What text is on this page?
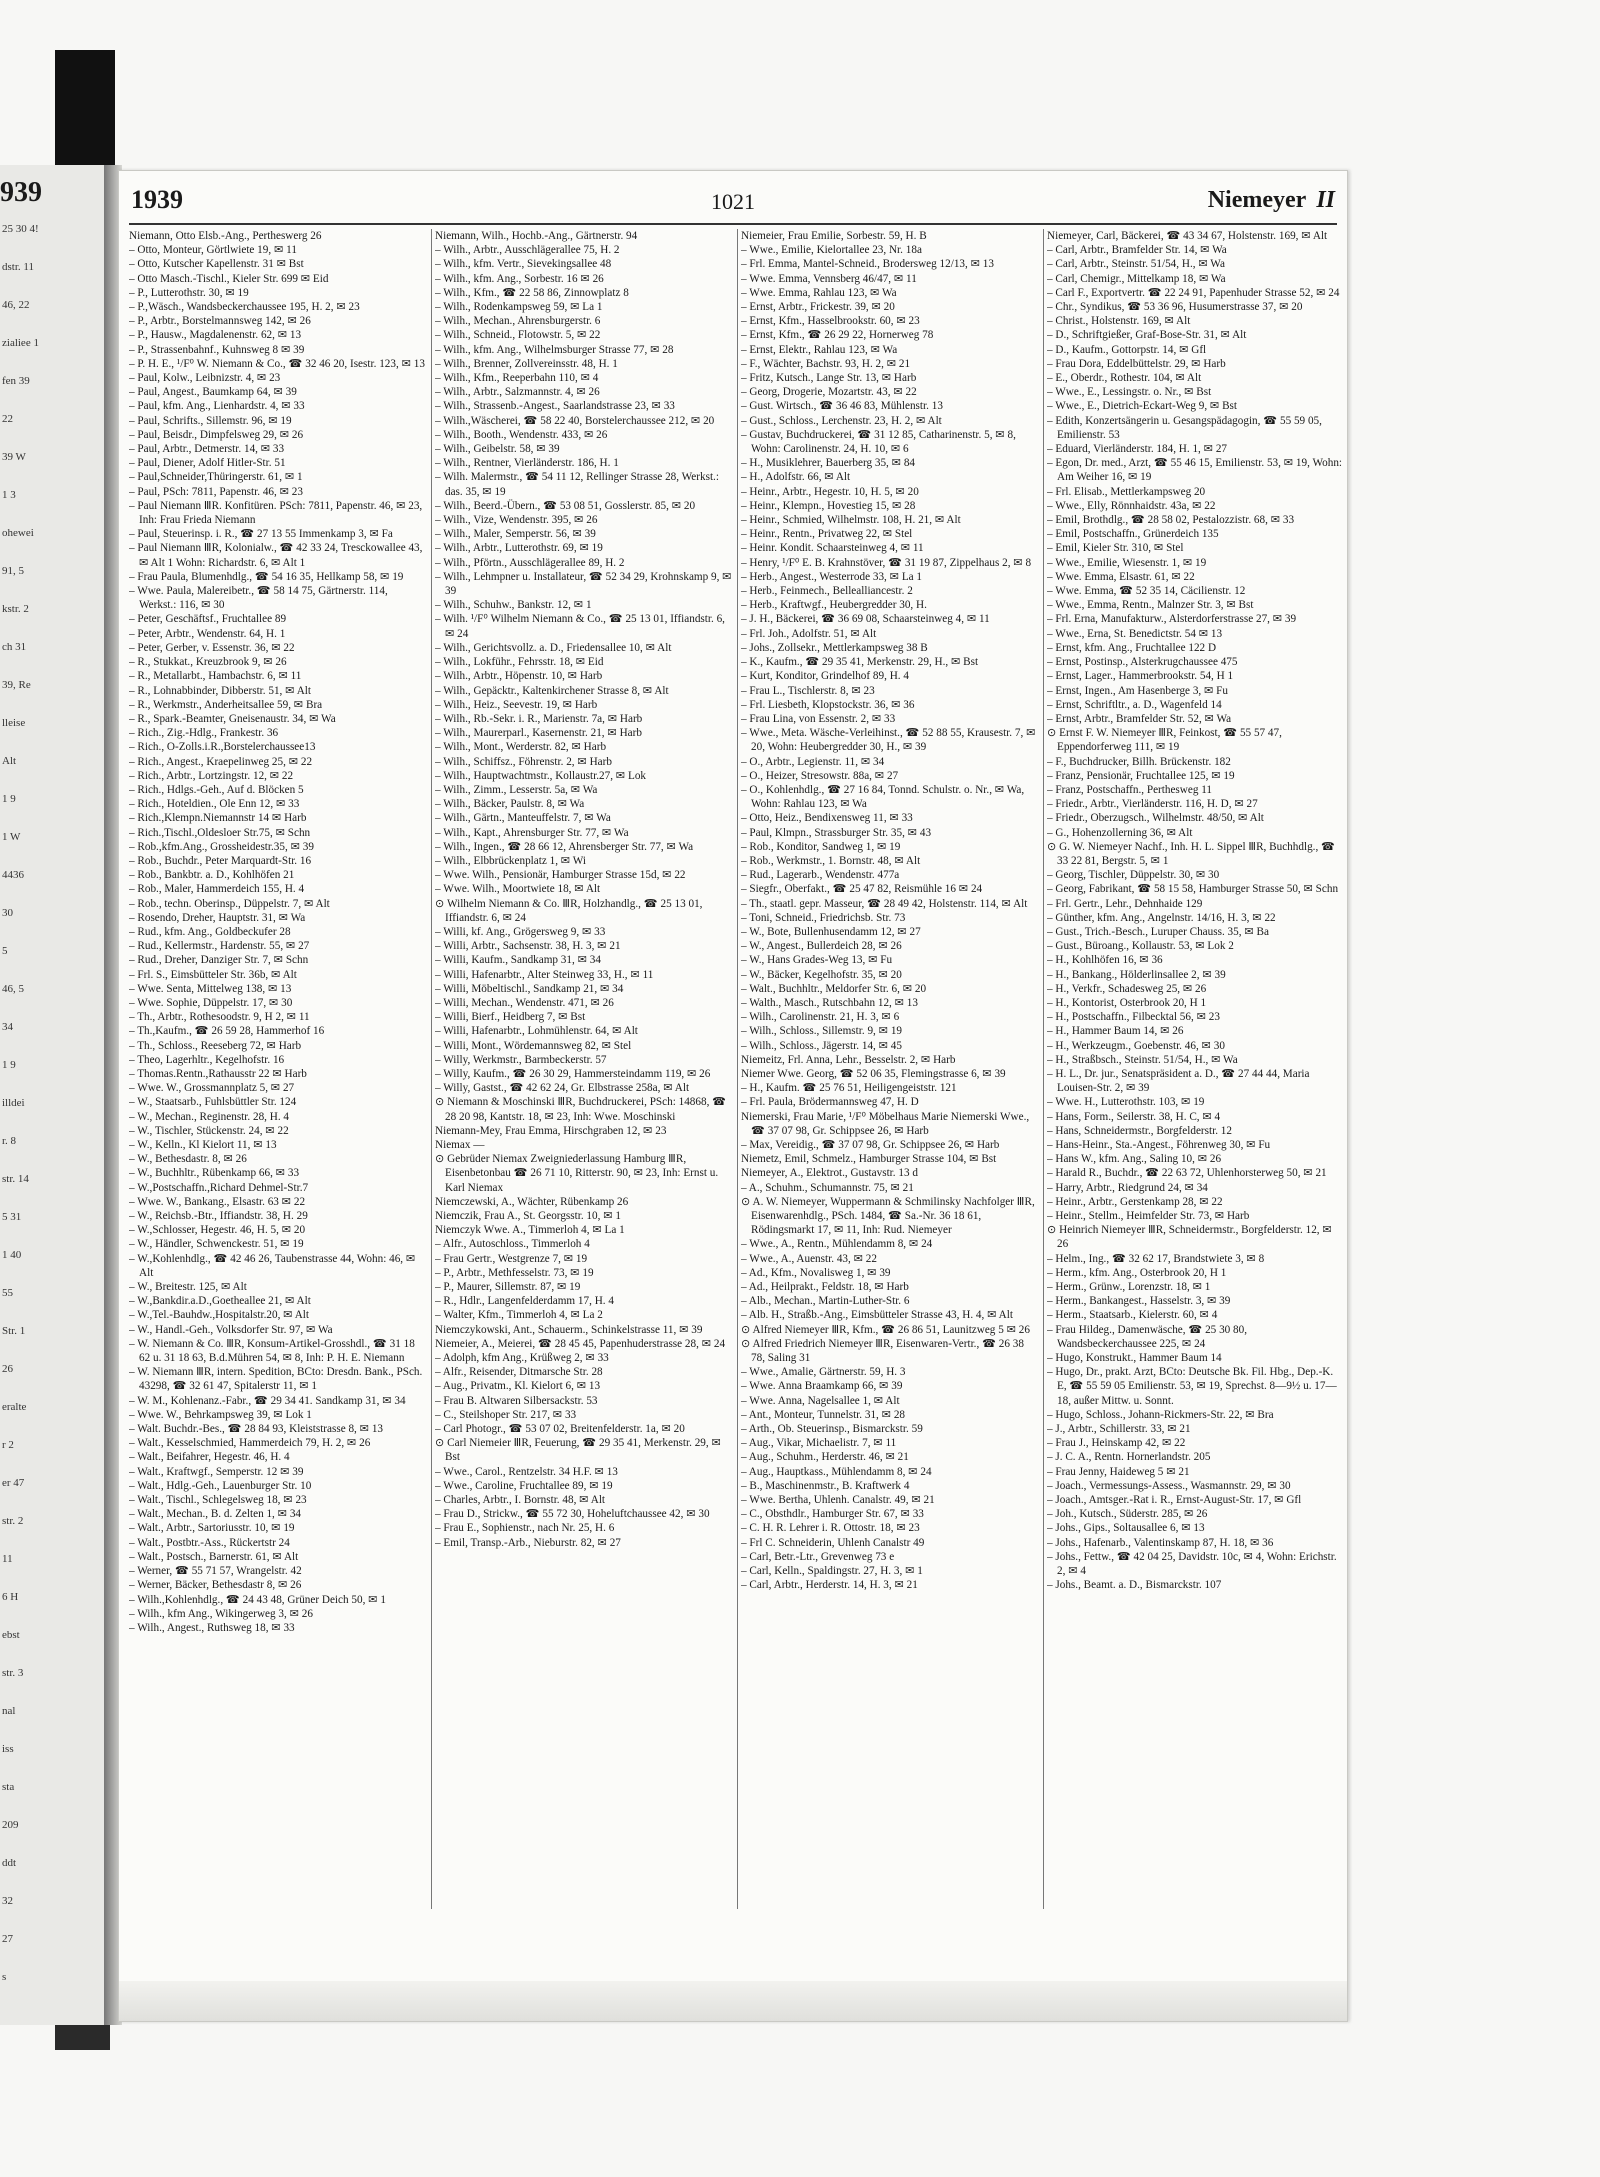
939
25 30 4!
dstr. 11
46, 22
zialiee 1
fen 39
22
39 W
1 3
ohewei
91, 5
kstr. 2
ch 31
39, Re
lleise
Alt
1 9
1 W
4436
30
5
46, 5
34
1 9
illdei
r. 8
str. 14
5 31
1 40
55
Str. 1
26
eralte
r 2
er 47
str. 2
11
6 H
ebst
str. 3
nal
iss
sta
209
ddt
32
27
s
1939	1021	Niemeyer II

Niemann, Otto Elsb.-Ang., Pertheswerg 26

– Otto, Monteur, Görtlwiete 19, ✉ 11

– Otto, Kutscher Kapellenstr. 31 ✉ Bst

– Otto Masch.-Tischl., Kieler Str. 699 ✉ Eid

– P., Lutterothstr. 30, ✉ 19

– P.,Wäsch., Wandsbeckerchaussee 195, H. 2, ✉ 23

– P., Arbtr., Borstelmannsweg 142, ✉ 26

– P., Hausw., Magdalenenstr. 62, ✉ 13

– P., Strassenbahnf., Kuhnsweg 8 ✉ 39

– P. H. E., ¹/F⁰ W. Niemann & Co., ☎ 32 46 20, Isestr. 123, ✉ 13

– Paul, Kolw., Leibnizstr. 4, ✉ 23

– Paul, Angest., Baumkamp 64, ✉ 39

– Paul, kfm. Ang., Lienhardstr. 4, ✉ 33

– Paul, Schrifts., Sillemstr. 96, ✉ 19

– Paul, Beisdr., Dimpfelsweg 29, ✉ 26

– Paul, Arbtr., Detmerstr. 14, ✉ 33

– Paul, Diener, Adolf Hitler-Str. 51

– Paul,Schneider,Thüringerstr. 61, ✉ 1

– Paul, PSch: 7811, Papenstr. 46, ✉ 23

– Paul Niemann ⅢR. Konfitüren. PSch: 7811, Papenstr. 46, ✉ 23, Inh: Frau Frieda Niemann

– Paul, Steuerinsp. i. R., ☎ 27 13 55 Immenkamp 3, ✉ Fa

– Paul Niemann ⅢR, Kolonialw., ☎ 42 33 24, Tresckowallee 43, ✉ Alt 1 Wohn: Richardstr. 6, ✉ Alt 1

– Frau Paula, Blumenhdlg., ☎ 54 16 35, Hellkamp 58, ✉ 19

– Wwe. Paula, Malereibetr., ☎ 58 14 75, Gärtnerstr. 114, Werkst.: 116, ✉ 30

– Peter, Geschäftsf., Fruchtallee 89

– Peter, Arbtr., Wendenstr. 64, H. 1

– Peter, Gerber, v. Essenstr. 36, ✉ 22

– R., Stukkat., Kreuzbrook 9, ✉ 26

– R., Metallarbt., Hambachstr. 6, ✉ 11

– R., Lohnabbinder, Dibberstr. 51, ✉ Alt

– R., Werkmstr., Anderheitsallee 59, ✉ Bra

– R., Spark.-Beamter, Gneisenaustr. 34, ✉ Wa

– Rich., Zig.-Hdlg., Frankestr. 36

– Rich., O-Zolls.i.R.,Borstelerchaussee13

– Rich., Angest., Kraepelinweg 25, ✉ 22

– Rich., Arbtr., Lortzingstr. 12, ✉ 22

– Rich., Hdlgs.-Geh., Auf d. Blöcken 5

– Rich., Hoteldien., Ole Enn 12, ✉ 33

– Rich.,Klempn.Niemannstr 14 ✉ Harb

– Rich.,Tischl.,Oldesloer Str.75, ✉ Schn

– Rob.,kfm.Ang., Grossheidestr.35, ✉ 39

– Rob., Buchdr., Peter Marquardt-Str. 16

– Rob., Bankbtr. a. D., Kohlhöfen 21

– Rob., Maler, Hammerdeich 155, H. 4

– Rob., techn. Oberinsp., Düppelstr. 7, ✉ Alt

– Rosendo, Dreher, Hauptstr. 31, ✉ Wa

– Rud., kfm. Ang., Goldbeckufer 28

– Rud., Kellermstr., Hardenstr. 55, ✉ 27

– Rud., Dreher, Danziger Str. 7, ✉ Schn

– Frl. S., Eimsbütteler Str. 36b, ✉ Alt

– Wwe. Senta, Mittelweg 138, ✉ 13

– Wwe. Sophie, Düppelstr. 17, ✉ 30

– Th., Arbtr., Rothesoodstr. 9, H 2, ✉ 11

– Th.,Kaufm., ☎ 26 59 28, Hammerhof 16

– Th., Schloss., Reeseberg 72, ✉ Harb

– Theo, Lagerhltr., Kegelhofstr. 16

– Thomas.Rentn.,Rathausstr 22 ✉ Harb

– Wwe. W., Grossmannplatz 5, ✉ 27

– W., Staatsarb., Fuhlsbüttler Str. 124

– W., Mechan., Reginenstr. 28, H. 4

– W., Tischler, Stückenstr. 24, ✉ 22

– W., Kelln., Kl Kielort 11, ✉ 13

– W., Bethesdastr. 8, ✉ 26

– W., Buchhltr., Rübenkamp 66, ✉ 33

– W.,Postschaffn.,Richard Dehmel-Str.7

– Wwe. W., Bankang., Elsastr. 63 ✉ 22

– W., Reichsb.-Btr., Iffiandstr. 38, H. 29

– W.,Schlosser, Hegestr. 46, H. 5, ✉ 20

– W., Händler, Schwenckestr. 51, ✉ 19

– W.,Kohlenhdlg., ☎ 42 46 26, Taubenstrasse 44, Wohn: 46, ✉ Alt

– W., Breitestr. 125, ✉ Alt

– W.,Bankdir.a.D.,Goetheallee 21, ✉ Alt

– W.,Tel.-Bauhdw.,Hospitalstr.20, ✉ Alt

– W., Handl.-Geh., Volksdorfer Str. 97, ✉ Wa

– W. Niemann & Co. ⅢR, Konsum-Artikel-Grosshdl., ☎ 31 18 62 u. 31 18 63, B.d.Mühren 54, ✉ 8, Inh: P. H. E. Niemann

– W. Niemann ⅢR, intern. Spedition, BCto: Dresdn. Bank., PSch. 43298, ☎ 32 61 47, Spitalerstr 11, ✉ 1

– W. M., Kohlenanz.-Fabr., ☎ 29 34 41. Sandkamp 31, ✉ 34

– Wwe. W., Behrkampsweg 39, ✉ Lok 1

– Walt. Buchdr.-Bes., ☎ 28 84 93, Kleiststrasse 8, ✉ 13

– Walt., Kesselschmied, Hammerdeich 79, H. 2, ✉ 26

– Walt., Beifahrer, Hegestr. 46, H. 4

– Walt., Kraftwgf., Semperstr. 12 ✉ 39

– Walt., Hdlg.-Geh., Lauenburger Str. 10

– Walt., Tischl., Schlegelsweg 18, ✉ 23

– Walt., Mechan., B. d. Zelten 1, ✉ 34

– Walt., Arbtr., Sartoriusstr. 10, ✉ 19

– Walt., Postbtr.-Ass., Rückertstr 24

– Walt., Postsch., Barnerstr. 61, ✉ Alt

– Werner, ☎ 55 71 57, Wrangelstr. 42

– Werner, Bäcker, Bethesdastr 8, ✉ 26

– Wilh.,Kohlenhdlg., ☎ 24 43 48, Grüner Deich 50, ✉ 1

– Wilh., kfm Ang., Wikingerweg 3, ✉ 26

– Wilh., Angest., Ruthsweg 18, ✉ 33

Niemann, Wilh., Hochb.-Ang., Gärtnerstr. 94

– Wilh., Arbtr., Ausschlägerallee 75, H. 2

– Wilh., kfm. Vertr., Sievekingsallee 48

– Wilh., kfm. Ang., Sorbestr. 16 ✉ 26

– Wilh., Kfm., ☎ 22 58 86, Zinnowplatz 8

– Wilh., Rodenkampsweg 59, ✉ La 1

– Wilh., Mechan., Ahrensburgerstr. 6

– Wilh., Schneid., Flotowstr. 5, ✉ 22

– Wilh., kfm. Ang., Wilhelmsburger Strasse 77, ✉ 28

– Wilh., Brenner, Zollvereinsstr. 48, H. 1

– Wilh., Kfm., Reeperbahn 110, ✉ 4

– Wilh., Arbtr., Salzmannstr. 4, ✉ 26

– Wilh., Strassenb.-Angest., Saarlandstrasse 23, ✉ 33

– Wilh.,Wäscherei, ☎ 58 22 40, Borstelerchaussee 212, ✉ 20

– Wilh., Booth., Wendenstr. 433, ✉ 26

– Wilh., Geibelstr. 58, ✉ 39

– Wilh., Rentner, Vierländerstr. 186, H. 1

– Wilh. Malermstr., ☎ 54 11 12, Rellinger Strasse 28, Werkst.: das. 35, ✉ 19

– Wilh., Beerd.-Übern., ☎ 53 08 51, Gosslerstr. 85, ✉ 20

– Wilh., Vize, Wendenstr. 395, ✉ 26

– Wilh., Maler, Semperstr. 56, ✉ 39

– Wilh., Arbtr., Lutterothstr. 69, ✉ 19

– Wilh., Pförtn., Ausschlägerallee 89, H. 2

– Wilh., Lehmpner u. Installateur, ☎ 52 34 29, Krohnskamp 9, ✉ 39

– Wilh., Schuhw., Bankstr. 12, ✉ 1

– Wilh. ¹/F⁰ Wilhelm Niemann & Co., ☎ 25 13 01, Iffiandstr. 6, ✉ 24

– Wilh., Gerichtsvollz. a. D., Friedensallee 10, ✉ Alt

– Wilh., Lokführ., Fehrsstr. 18, ✉ Eid

– Wilh., Arbtr., Höpenstr. 10, ✉ Harb

– Wilh., Gepäcktr., Kaltenkirchener Strasse 8, ✉ Alt

– Wilh., Heiz., Seevestr. 19, ✉ Harb

– Wilh., Rb.-Sekr. i. R., Marienstr. 7a, ✉ Harb

– Wilh., Maurerparl., Kasernenstr. 21, ✉ Harb

– Wilh., Mont., Werderstr. 82, ✉ Harb

– Wilh., Schiffsz., Föhrenstr. 2, ✉ Harb

– Wilh., Hauptwachtmstr., Kollaustr.27, ✉ Lok

– Wilh., Zimm., Lesserstr. 5a, ✉ Wa

– Wilh., Bäcker, Paulstr. 8, ✉ Wa

– Wilh., Gärtn., Manteuffelstr. 7, ✉ Wa

– Wilh., Kapt., Ahrensburger Str. 77, ✉ Wa

– Wilh., Ingen., ☎ 28 66 12, Ahrensberger Str. 77, ✉ Wa

– Wilh., Elbbrückenplatz 1, ✉ Wi

– Wwe. Wilh., Pensionär, Hamburger Strasse 15d, ✉ 22

– Wwe. Wilh., Moortwiete 18, ✉ Alt

⊙ Wilhelm Niemann & Co. ⅢR, Holzhandlg., ☎ 25 13 01, Iffiandstr. 6, ✉ 24

– Willi, kf. Ang., Grögersweg 9, ✉ 33

– Willi, Arbtr., Sachsenstr. 38, H. 3, ✉ 21

– Willi, Kaufm., Sandkamp 31, ✉ 34

– Willi, Hafenarbtr., Alter Steinweg 33, H., ✉ 11

– Willi, Möbeltischl., Sandkamp 21, ✉ 34

– Willi, Mechan., Wendenstr. 471, ✉ 26

– Willi, Bierf., Heidberg 7, ✉ Bst

– Willi, Hafenarbtr., Lohmühlenstr. 64, ✉ Alt

– Willi, Mont., Wördemannsweg 82, ✉ Stel

– Willy, Werkmstr., Barmbeckerstr. 57

– Willy, Kaufm., ☎ 26 30 29, Hammersteindamm 119, ✉ 26

– Willy, Gastst., ☎ 42 62 24, Gr. Elbstrasse 258a, ✉ Alt

⊙ Niemann & Moschinski ⅢR, Buchdruckerei, PSch: 14868, ☎ 28 20 98, Kantstr. 18, ✉ 23, Inh: Wwe. Moschinski

Niemann-Mey, Frau Emma, Hirschgraben 12, ✉ 23

Niemax —

⊙ Gebrüder Niemax Zweigniederlassung Hamburg ⅢR, Eisenbetonbau ☎ 26 71 10, Ritterstr. 90, ✉ 23, Inh: Ernst u. Karl Niemax

Niemczewski, A., Wächter, Rübenkamp 26

Niemczik, Frau A., St. Georgsstr. 10, ✉ 1

Niemczyk Wwe. A., Timmerloh 4, ✉ La 1

– Alfr., Autoschloss., Timmerloh 4

– Frau Gertr., Westgrenze 7, ✉ 19

– P., Arbtr., Methfesselstr. 73, ✉ 19

– P., Maurer, Sillemstr. 87, ✉ 19

– R., Hdlr., Langenfelderdamm 17, H. 4

– Walter, Kfm., Timmerloh 4, ✉ La 2

Niemczykowski, Ant., Schauerm., Schinkelstrasse 11, ✉ 39

Niemeier, A., Meierei, ☎ 28 45 45, Papenhuderstrasse 28, ✉ 24

– Adolph, kfm Ang., Krüßweg 2, ✉ 33

– Alfr., Reisender, Ditmarsche Str. 28

– Aug., Privatm., Kl. Kielort 6, ✉ 13

– Frau B. Altwaren Silbersackstr. 53

– C., Steilshoper Str. 217, ✉ 33

– Carl Photogr., ☎ 53 07 02, Breitenfelderstr. 1a, ✉ 20

⊙ Carl Niemeier ⅢR, Feuerung, ☎ 29 35 41, Merkenstr. 29, ✉ Bst

– Wwe., Carol., Rentzelstr. 34 H.F. ✉ 13

– Wwe., Caroline, Fruchtallee 89, ✉ 19

– Charles, Arbtr., I. Bornstr. 48, ✉ Alt

– Frau D., Strickw., ☎ 55 72 30, Hoheluftchaussee 42, ✉ 30

– Frau E., Sophienstr., nach Nr. 25, H. 6

– Emil, Transp.-Arb., Nieburstr. 82, ✉ 27

Niemeier, Frau Emilie, Sorbestr. 59, H. B

– Wwe., Emilie, Kielortallee 23, Nr. 18a

– Frl. Emma, Mantel-Schneid., Brodersweg 12/13, ✉ 13

– Wwe. Emma, Vennsberg 46/47, ✉ 11

– Wwe. Emma, Rahlau 123, ✉ Wa

– Ernst, Arbtr., Frickestr. 39, ✉ 20

– Ernst, Kfm., Hasselbrookstr. 60, ✉ 23

– Ernst, Kfm., ☎ 26 29 22, Hornerweg 78

– Ernst, Elektr., Rahlau 123, ✉ Wa

– F., Wächter, Bachstr. 93, H. 2, ✉ 21

– Fritz, Kutsch., Lange Str. 13, ✉ Harb

– Georg, Drogerie, Mozartstr. 43, ✉ 22

– Gust. Wirtsch., ☎ 36 46 83, Mühlenstr. 13

– Gust., Schloss., Lerchenstr. 23, H. 2, ✉ Alt

– Gustav, Buchdruckerei, ☎ 31 12 85, Catharinenstr. 5, ✉ 8, Wohn: Carolinenstr. 24, H. 10, ✉ 6

– H., Musiklehrer, Bauerberg 35, ✉ 84

– H., Adolfstr. 66, ✉ Alt

– Heinr., Arbtr., Hegestr. 10, H. 5, ✉ 20

– Heinr., Klempn., Hovestieg 15, ✉ 28

– Heinr., Schmied, Wilhelmstr. 108, H. 21, ✉ Alt

– Heinr., Rentn., Privatweg 22, ✉ Stel

– Heinr. Kondit. Schaarsteinweg 4, ✉ 11

– Henry, ¹/F⁰ E. B. Krahnstöver, ☎ 31 19 87, Zippelhaus 2, ✉ 8

– Herb., Angest., Westerrode 33, ✉ La 1

– Herb., Feinmech., Bellealliancestr. 2

– Herb., Kraftwgf., Heubergredder 30, H.

– J. H., Bäckerei, ☎ 36 69 08, Schaarsteinweg 4, ✉ 11

– Frl. Joh., Adolfstr. 51, ✉ Alt

– Johs., Zollsekr., Mettlerkampsweg 38 B

– K., Kaufm., ☎ 29 35 41, Merkenstr. 29, H., ✉ Bst

– Kurt, Konditor, Grindelhof 89, H. 4

– Frau L., Tischlerstr. 8, ✉ 23

– Frl. Liesbeth, Klopstockstr. 36, ✉ 36

– Frau Lina, von Essenstr. 2, ✉ 33

– Wwe., Meta. Wäsche-Verleihinst., ☎ 52 88 55, Krausestr. 7, ✉ 20, Wohn: Heubergredder 30, H., ✉ 39

– O., Arbtr., Legienstr. 11, ✉ 34

– O., Heizer, Stresowstr. 88a, ✉ 27

– O., Kohlenhdlg., ☎ 27 16 84, Tonnd. Schulstr. o. Nr., ✉ Wa, Wohn: Rahlau 123, ✉ Wa

– Otto, Heiz., Bendixensweg 11, ✉ 33

– Paul, Klmpn., Strassburger Str. 35, ✉ 43

– Rob., Konditor, Sandweg 1, ✉ 19

– Rob., Werkmstr., 1. Bornstr. 48, ✉ Alt

– Rud., Lagerarb., Wendenstr. 477a

– Siegfr., Oberfakt., ☎ 25 47 82, Reismühle 16 ✉ 24

– Th., staatl. gepr. Masseur, ☎ 28 49 42, Holstenstr. 114, ✉ Alt

– Toni, Schneid., Friedrichsb. Str. 73

– W., Bote, Bullenhusendamm 12, ✉ 27

– W., Angest., Bullerdeich 28, ✉ 26

– W., Hans Grades-Weg 13, ✉ Fu

– W., Bäcker, Kegelhofstr. 35, ✉ 20

– Walt., Buchhltr., Meldorfer Str. 6, ✉ 20

– Walth., Masch., Rutschbahn 12, ✉ 13

– Wilh., Carolinenstr. 21, H. 3, ✉ 6

– Wilh., Schloss., Sillemstr. 9, ✉ 19

– Wilh., Schloss., Jägerstr. 14, ✉ 45

Niemeitz, Frl. Anna, Lehr., Besselstr. 2, ✉ Harb

Niemer Wwe. Georg, ☎ 52 06 35, Flemingstrasse 6, ✉ 39

– H., Kaufm. ☎ 25 76 51, Heiligengeiststr. 121

– Frl. Paula, Brödermannsweg 47, H. D

Niemerski, Frau Marie, ¹/F⁰ Möbelhaus Marie Niemerski Wwe., ☎ 37 07 98, Gr. Schippsee 26, ✉ Harb

– Max, Vereidig., ☎ 37 07 98, Gr. Schippsee 26, ✉ Harb

Niemetz, Emil, Schmelz., Hamburger Strasse 104, ✉ Bst

Niemeyer, A., Elektrot., Gustavstr. 13 d

– A., Schuhm., Schumannstr. 75, ✉ 21

⊙ A. W. Niemeyer, Wuppermann & Schmilinsky Nachfolger ⅢR, Eisenwarenhdlg., PSch. 1484, ☎ Sa.-Nr. 36 18 61, Rödingsmarkt 17, ✉ 11, Inh: Rud. Niemeyer

– Wwe., A., Rentn., Mühlendamm 8, ✉ 24

– Wwe., A., Auenstr. 43, ✉ 22

– Ad., Kfm., Novalisweg 1, ✉ 39

– Ad., Heilprakt., Feldstr. 18, ✉ Harb

– Alb., Mechan., Martin-Luther-Str. 6

– Alb. H., Straßb.-Ang., Eimsbütteler Strasse 43, H. 4, ✉ Alt

⊙ Alfred Niemeyer ⅢR, Kfm., ☎ 26 86 51, Launitzweg 5 ✉ 26

⊙ Alfred Friedrich Niemeyer ⅢR, Eisenwaren-Vertr., ☎ 26 38 78, Saling 31

– Wwe., Amalie, Gärtnerstr. 59, H. 3

– Wwe. Anna Braamkamp 66, ✉ 39

– Wwe. Anna, Nagelsallee 1, ✉ Alt

– Ant., Monteur, Tunnelstr. 31, ✉ 28

– Arth., Ob. Steuerinsp., Bismarckstr. 59

– Aug., Vikar, Michaelistr. 7, ✉ 11

– Aug., Schuhm., Herderstr. 46, ✉ 21

– Aug., Hauptkass., Mühlendamm 8, ✉ 24

– B., Maschinenmstr., B. Kraftwerk 4

– Wwe. Bertha, Uhlenh. Canalstr. 49, ✉ 21

– C., Obsthdlr., Hamburger Str. 67, ✉ 33

– C. H. R. Lehrer i. R. Ottostr. 18, ✉ 23

– Frl C. Schneiderin, Uhlenh Canalstr 49

– Carl, Betr.-Ltr., Grevenweg 73 e

– Carl, Kelln., Spaldingstr. 27, H. 3, ✉ 1

– Carl, Arbtr., Herderstr. 14, H. 3, ✉ 21

Niemeyer, Carl, Bäckerei, ☎ 43 34 67, Holstenstr. 169, ✉ Alt

– Carl, Arbtr., Bramfelder Str. 14, ✉ Wa

– Carl, Arbtr., Steinstr. 51/54, H., ✉ Wa

– Carl, Chemigr., Mittelkamp 18, ✉ Wa

– Carl F., Exportvertr. ☎ 22 24 91, Papenhuder Strasse 52, ✉ 24

– Chr., Syndikus, ☎ 53 36 96, Husumerstrasse 37, ✉ 20

– Christ., Holstenstr. 169, ✉ Alt

– D., Schriftgießer, Graf-Bose-Str. 31, ✉ Alt

– D., Kaufm., Gottorpstr. 14, ✉ Gfl

– Frau Dora, Eddelbüttelstr. 29, ✉ Harb

– E., Oberdr., Rothestr. 104, ✉ Alt

– Wwe., E., Lessingstr. o. Nr., ✉ Bst

– Wwe., E., Dietrich-Eckart-Weg 9, ✉ Bst

– Edith, Konzertsängerin u. Gesangspädagogin, ☎ 55 59 05, Emilienstr. 53

– Eduard, Vierländerstr. 184, H. 1, ✉ 27

– Egon, Dr. med., Arzt, ☎ 55 46 15, Emilienstr. 53, ✉ 19, Wohn: Am Weiher 16, ✉ 19

– Frl. Elisab., Mettlerkampsweg 20

– Wwe., Elly, Rönnhaidstr. 43a, ✉ 22

– Emil, Brothdlg., ☎ 28 58 02, Pestalozzistr. 68, ✉ 33

– Emil, Postschaffn., Grünerdeich 135

– Emil, Kieler Str. 310, ✉ Stel

– Wwe., Emilie, Wiesenstr. 1, ✉ 19

– Wwe. Emma, Elsastr. 61, ✉ 22

– Wwe. Emma, ☎ 52 35 14, Cäcilienstr. 12

– Wwe., Emma, Rentn., Malnzer Str. 3, ✉ Bst

– Frl. Erna, Manufakturw., Alsterdorferstrasse 27, ✉ 39

– Wwe., Erna, St. Benedictstr. 54 ✉ 13

– Ernst, kfm. Ang., Fruchtallee 122 D

– Ernst, Postinsp., Alsterkrugchaussee 475

– Ernst, Lager., Hammerbrookstr. 54, H 1

– Ernst, Ingen., Am Hasenberge 3, ✉ Fu

– Ernst, Schriftltr., a. D., Wagenfeld 14

– Ernst, Arbtr., Bramfelder Str. 52, ✉ Wa

⊙ Ernst F. W. Niemeyer ⅢR, Feinkost, ☎ 55 57 47, Eppendorferweg 111, ✉ 19

– F., Buchdrucker, Billh. Brückenstr. 182

– Franz, Pensionär, Fruchtallee 125, ✉ 19

– Franz, Postschaffn., Perthesweg 11

– Friedr., Arbtr., Vierländerstr. 116, H. D, ✉ 27

– Friedr., Oberzugsch., Wilhelmstr. 48/50, ✉ Alt

– G., Hohenzollerning 36, ✉ Alt

⊙ G. W. Niemeyer Nachf., Inh. H. L. Sippel ⅢR, Buchhdlg., ☎ 33 22 81, Bergstr. 5, ✉ 1

– Georg, Tischler, Düppelstr. 30, ✉ 30

– Georg, Fabrikant, ☎ 58 15 58, Hamburger Strasse 50, ✉ Schn

– Frl. Gertr., Lehr., Dehnhaide 129

– Günther, kfm. Ang., Angelnstr. 14/16, H. 3, ✉ 22

– Gust., Trich.-Besch., Luruper Chauss. 35, ✉ Ba

– Gust., Büroang., Kollaustr. 53, ✉ Lok 2

– H., Kohlhöfen 16, ✉ 36

– H., Bankang., Hölderlinsallee 2, ✉ 39

– H., Verkfr., Schadesweg 25, ✉ 26

– H., Kontorist, Osterbrook 20, H 1

– H., Postschaffn., Filbecktal 56, ✉ 23

– H., Hammer Baum 14, ✉ 26

– H., Werkzeugm., Goebenstr. 46, ✉ 30

– H., Straßbsch., Steinstr. 51/54, H., ✉ Wa

– H. L., Dr. jur., Senatspräsident a. D., ☎ 27 44 44, Maria Louisen-Str. 2, ✉ 39

– Wwe. H., Lutterothstr. 103, ✉ 19

– Hans, Form., Seilerstr. 38, H. C, ✉ 4

– Hans, Schneidermstr., Borgfelderstr. 12

– Hans-Heinr., Sta.-Angest., Föhrenweg 30, ✉ Fu

– Hans W., kfm. Ang., Saling 10, ✉ 26

– Harald R., Buchdr., ☎ 22 63 72, Uhlenhorsterweg 50, ✉ 21

– Harry, Arbtr., Riedgrund 24, ✉ 34

– Heinr., Arbtr., Gerstenkamp 28, ✉ 22

– Heinr., Stellm., Heimfelder Str. 73, ✉ Harb

⊙ Heinrich Niemeyer ⅢR, Schneidermstr., Borgfelderstr. 12, ✉ 26

– Helm., Ing., ☎ 32 62 17, Brandstwiete 3, ✉ 8

– Herm., kfm. Ang., Osterbrook 20, H 1

– Herm., Grünw., Lorenzstr. 18, ✉ 1

– Herm., Bankangest., Hasselstr. 3, ✉ 39

– Herm., Staatsarb., Kielerstr. 60, ✉ 4

– Frau Hildeg., Damenwäsche, ☎ 25 30 80, Wandsbeckerchaussee 225, ✉ 24

– Hugo, Konstrukt., Hammer Baum 14

– Hugo, Dr., prakt. Arzt, BCto: Deutsche Bk. Fil. Hbg., Dep.-K. E, ☎ 55 59 05 Emilienstr. 53, ✉ 19, Sprechst. 8—9½ u. 17—18, außer Mittw. u. Sonnt.

– Hugo, Schloss., Johann-Rickmers-Str. 22, ✉ Bra

– J., Arbtr., Schillerstr. 33, ✉ 21

– Frau J., Heinskamp 42, ✉ 22

– J. C. A., Rentn. Hornerlandstr. 205

– Frau Jenny, Haideweg 5 ✉ 21

– Joach., Vermessungs-Assess., Wasmannstr. 29, ✉ 30

– Joach., Amtsger.-Rat i. R., Ernst-August-Str. 17, ✉ Gfl

– Joh., Kutsch., Süderstr. 285, ✉ 26

– Johs., Gips., Soltausallee 6, ✉ 13

– Johs., Hafenarb., Valentinskamp 87, H. 18, ✉ 36

– Johs., Fettw., ☎ 42 04 25, Davidstr. 10c, ✉ 4, Wohn: Erichstr. 2, ✉ 4

– Johs., Beamt. a. D., Bismarckstr. 107
